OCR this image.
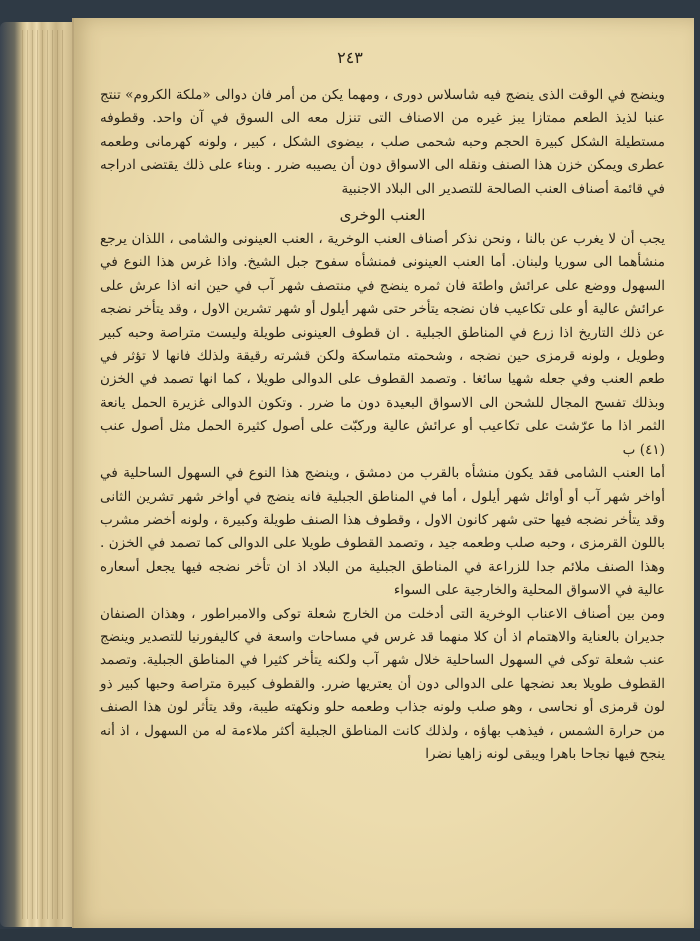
٢٤٣

وينضج في الوقت الذى ينضج فيه شاسلاس دورى ، ومهما يكن من أمر فان دوالى «ملكة الكروم» تنتج عنبا لذيذ الطعم ممتازا يبز غيره من الاصناف التى تنزل معه الى السوق في آن واحد. وقطوفه مستطيلة الشكل كبيرة الحجم وحبه شحمى صلب ، بيضوى الشكل ، كبير ، ولونه كهرمانى وطعمه عطرى ويمكن خزن هذا الصنف ونقله الى الاسواق دون أن يصيبه ضرر . وبناء على ذلك يقتضى ادراجه في قائمة أصناف العنب الصالحة للتصدير الى البلاد الاجنبية

العنب الوخرى

يجب أن لا يغرب عن بالنا ، ونحن نذكر أصناف العنب الوخرية ، العنب العينونى والشامى ، اللذان يرجع منشأهما الى سوريا ولبنان. أما العنب العينونى فمنشأه سفوح جبل الشيخ. واذا غرس هذا النوع في السهول ووضع على عرائش واطئة فان ثمره ينضج في منتصف شهر آب في حين انه اذا عرش على عرائش عالية أو على تكاعيب فان نضجه يتأخر حتى شهر أيلول أو شهر تشرين الاول ، وقد يتأخر نضجه عن ذلك التاريخ اذا زرع في المناطق الجبلية . ان قطوف العينونى طويلة وليست متراصة وحبه كبير وطويل ، ولونه قرمزى حين نضجه ، وشحمته متماسكة ولكن قشرته رقيقة ولذلك فانها لا تؤثر في طعم العنب وفي جعله شهيا سائغا . وتصمد القطوف على الدوالى طويلا ، كما انها تصمد في الخزن وبذلك تفسح المجال للشحن الى الاسواق البعيدة دون ما ضرر . وتكون الدوالى غزيرة الحمل يانعة الثمر اذا ما عرّشت على تكاعيب أو عرائش عالية وركبّت على أصول كثيرة الحمل مثل أصول عنب (٤١) ب

أما العنب الشامى فقد يكون منشأه بالقرب من دمشق ، وينضج هذا النوع في السهول الساحلية في أواخر شهر آب أو أوائل شهر أيلول ، أما في المناطق الجبلية فانه ينضج في أواخر شهر تشرين الثانى وقد يتأخر نضجه فيها حتى شهر كانون الاول ، وقطوف هذا الصنف طويلة وكبيرة ، ولونه أخضر مشرب باللون القرمزى ، وحبه صلب وطعمه جيد ، وتصمد القطوف طويلا على الدوالى كما تصمد في الخزن . وهذا الصنف ملائم جدا للزراعة في المناطق الجبلية من البلاد اذ ان تأخر نضجه فيها يجعل أسعاره عالية في الاسواق المحلية والخارجية على السواء

ومن بين أصناف الاعناب الوخرية التى أدخلت من الخارج شعلة توكى والامبراطور ، وهذان الصنفان جديران بالعناية والاهتمام اذ أن كلا منهما قد غرس في مساحات واسعة في كاليفورنيا للتصدير وينضج عنب شعلة توكى في السهول الساحلية خلال شهر آب ولكنه يتأخر كثيرا في المناطق الجبلية. وتصمد القطوف طويلا بعد نضجها على الدوالى دون أن يعتريها ضرر. والقطوف كبيرة متراصة وحبها كبير ذو لون قرمزى أو نحاسى ، وهو صلب ولونه جذاب وطعمه حلو ونكهته طيبة، وقد يتأثر لون هذا الصنف من حرارة الشمس ، فيذهب بهاؤه ، ولذلك كانت المناطق الجبلية أكثر ملاءمة له من السهول ، اذ أنه ينجح فيها نجاحا باهرا ويبقى لونه زاهيا نضرا
